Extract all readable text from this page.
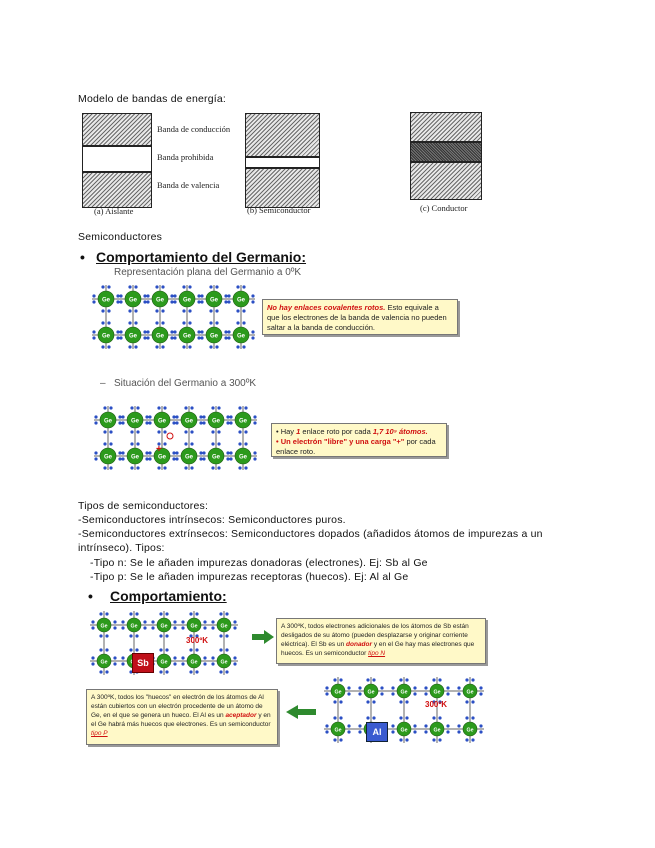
Modelo de bandas de energía:
Banda de conducción
Banda prohibida
Banda de valencia
(a) Aislante	(b) Semiconductor	(c) Conductor
Semiconductores
• Comportamiento del Germanio:
Representación plana del Germanio a 0ºK
Ge	Ge	Ge	Ge	Ge	Ge
Ge	Ge	Ge	Ge	Ge	Ge
No hay enlaces covalentes rotos. Esto equivale a que los electrones de la banda de valencia no pueden saltar a la banda de conducción.
– Situación del Germanio a 300ºK
Ge	Ge	Ge	Ge	Ge	Ge
Ge	Ge	Ge	Ge	Ge	Ge
+
• Hay 1 enlace roto por cada 1,7 10⁹ átomos.
• Un electrón "libre" y una carga "+" por cada enlace roto.
Tipos de semiconductores:
-Semiconductores intrínsecos: Semiconductores puros.
-Semiconductores extrínsecos: Semiconductores dopados (añadidos átomos de impurezas a un
intrínseco). Tipos:
-Tipo n: Se le añaden impurezas donadoras (electrones). Ej: Sb al Ge
-Tipo p: Se le añaden impurezas receptoras (huecos). Ej: Al al Ge
• Comportamiento:
Ge	Ge	Ge	Ge	Ge
Ge	Ge	Ge	Ge
300ºK
Sb
A 300ºK, todos electrones adicionales de los átomos de Sb están desligados de su átomo (pueden desplazarse y originar corriente eléctrica). El Sb es un donador y en el Ge hay mas electrones que huecos. Es un semiconductor tipo N
A 300ºK, todos los "huecos" en electrón de los átomos de Al están cubiertos con un electrón procedente de un átomo de Ge, en el que se genera un hueco. El Al es un aceptador y en el Ge habrá más huecos que electrones. Es un semiconductor tipo P
Ge	Ge	Ge	Ge	Ge
Ge	Ge	Ge	Ge
300ºK
Al
